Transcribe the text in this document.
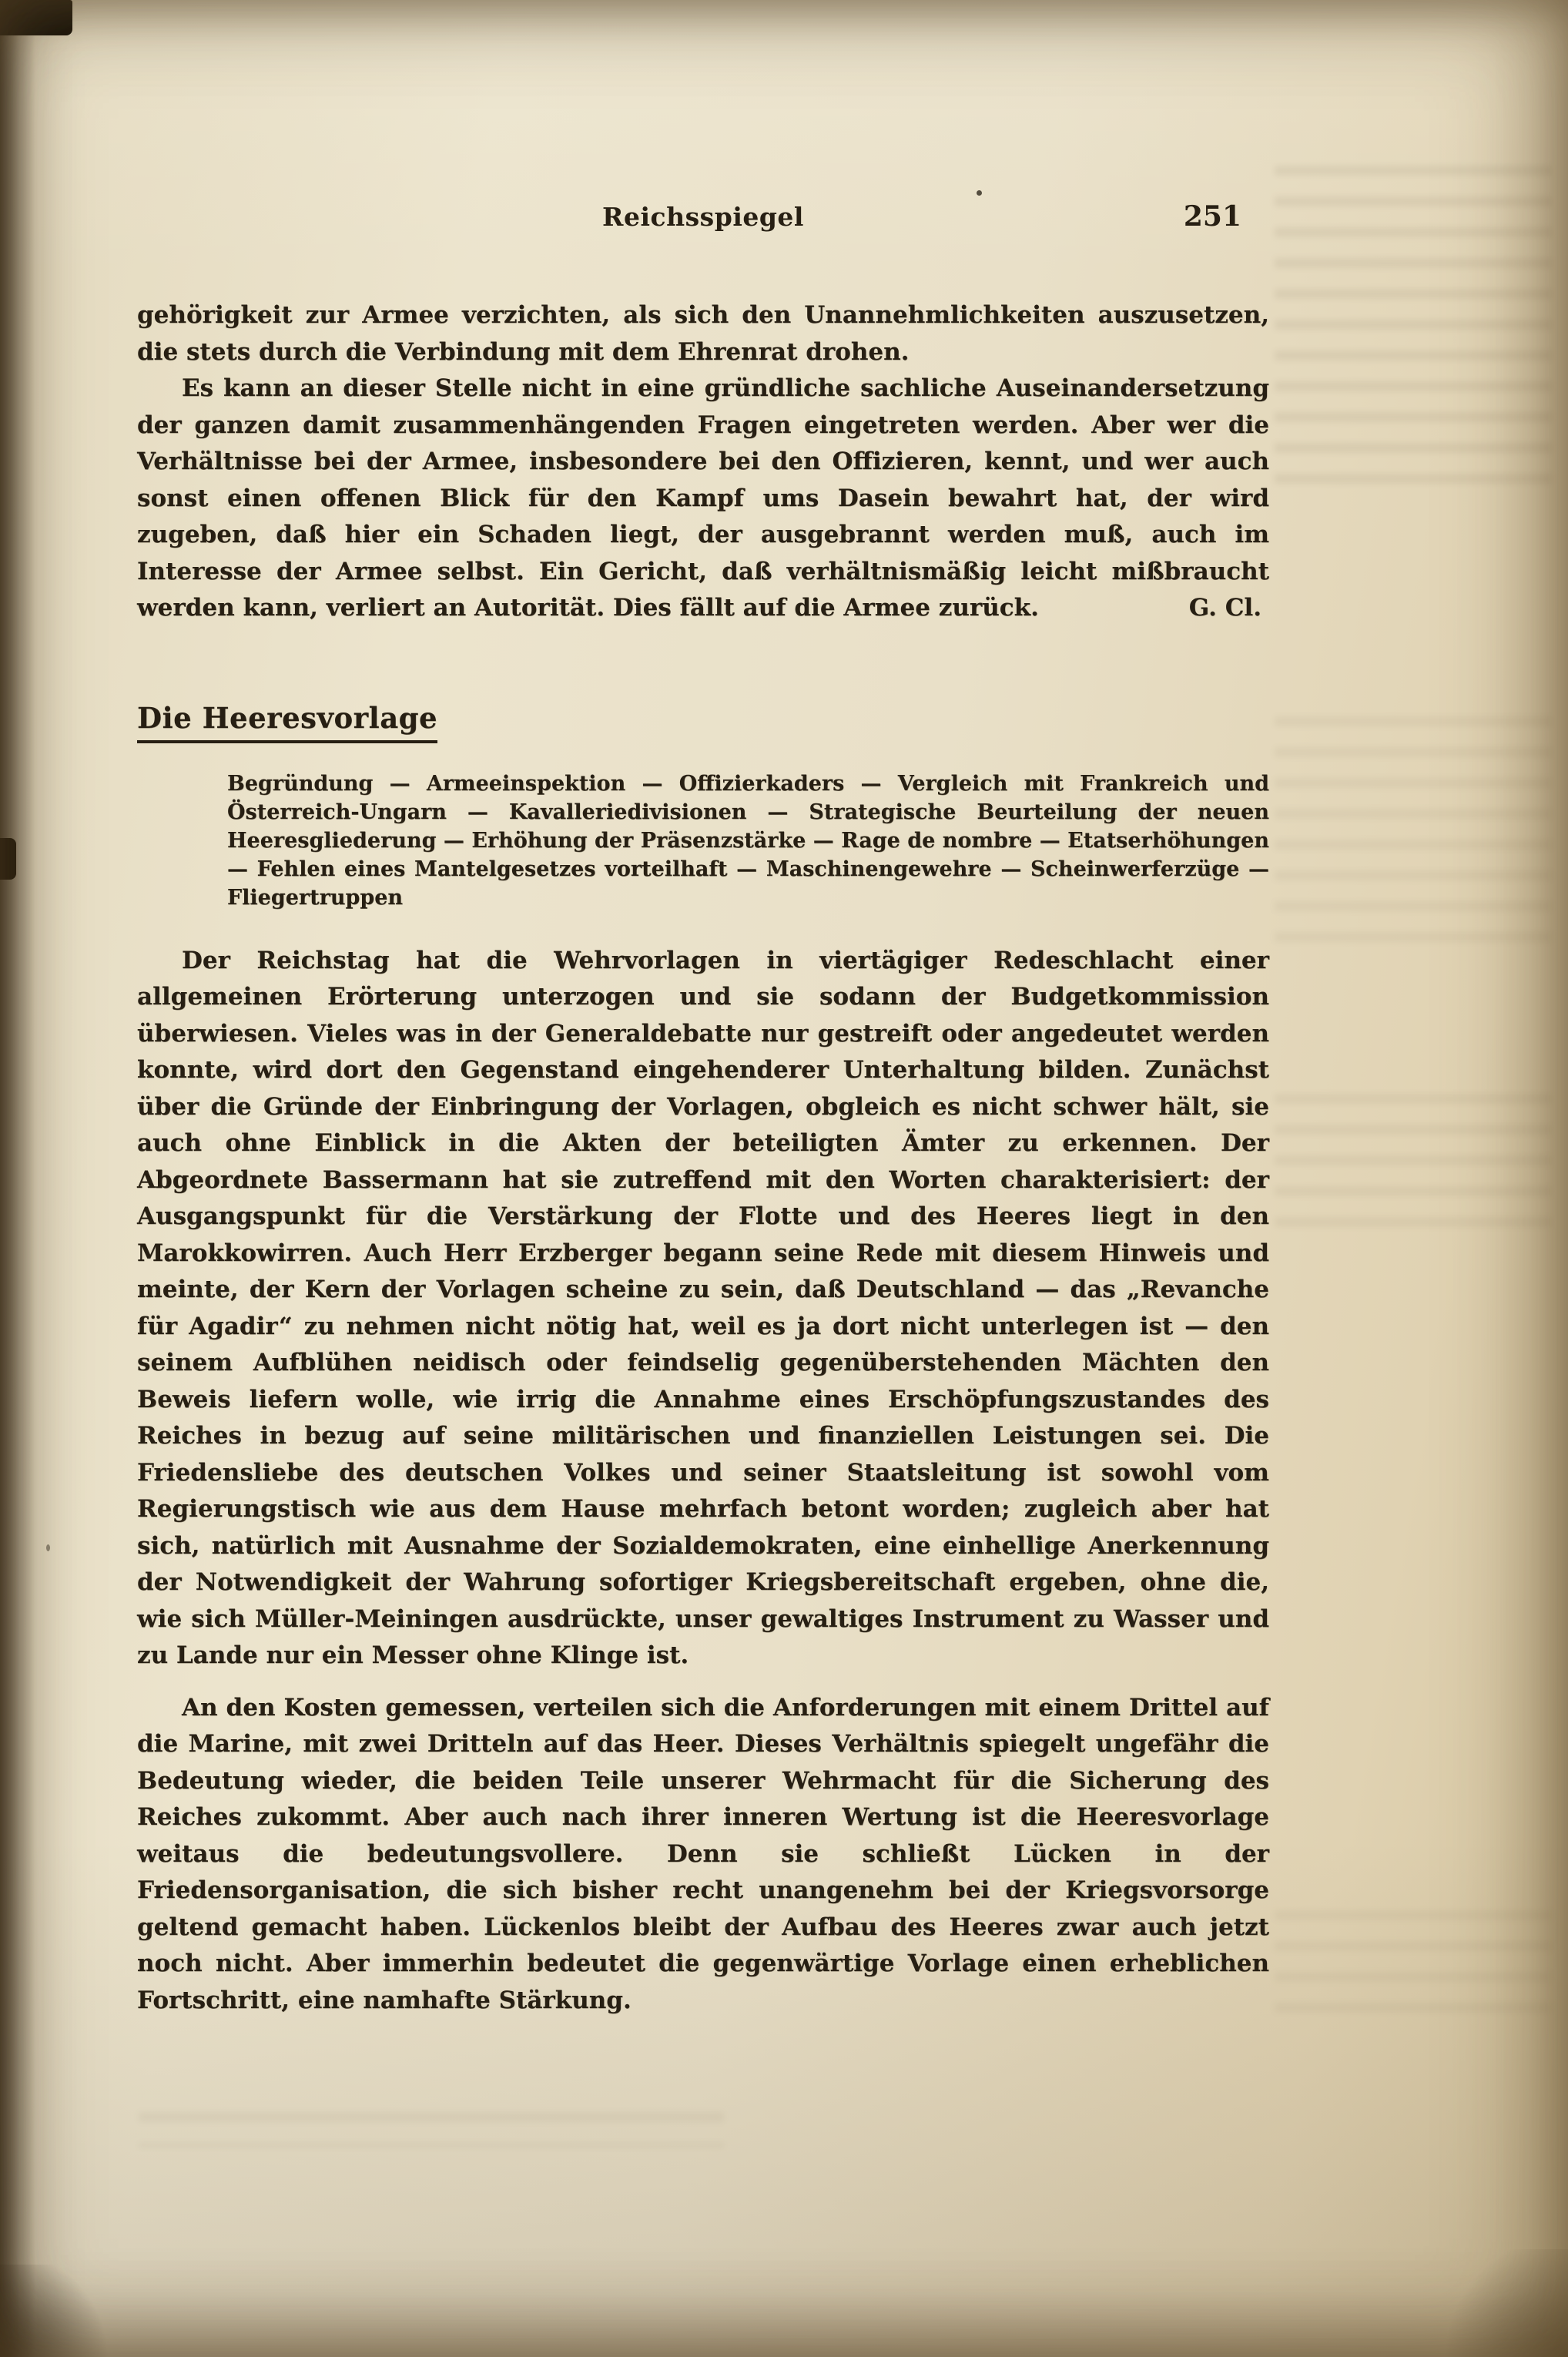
Reichsspiegel	251

gehörigkeit zur Armee verzichten, als sich den Unannehmlichkeiten auszusetzen, die stets durch die Verbindung mit dem Ehrenrat drohen.

Es kann an dieser Stelle nicht in eine gründliche sachliche Auseinandersetzung der ganzen damit zusammenhängenden Fragen eingetreten werden. Aber wer die Verhältnisse bei der Armee, insbesondere bei den Offizieren, kennt, und wer auch sonst einen offenen Blick für den Kampf ums Dasein bewahrt hat, der wird zugeben, daß hier ein Schaden liegt, der ausgebrannt werden muß, auch im Interesse der Armee selbst. Ein Gericht, daß verhältnismäßig leicht mißbraucht werden kann, verliert an Autorität. Dies fällt auf die Armee zurück.	G. Cl.
Die Heeresvorlage

Begründung — Armeeinspektion — Offizierkaders — Vergleich mit Frankreich und Österreich-Ungarn — Kavalleriedivisionen — Strategische Beurteilung der neuen Heeresgliederung — Erhöhung der Präsenzstärke — Rage de nombre — Etatserhöhungen — Fehlen eines Mantelgesetzes vorteilhaft — Maschinengewehre — Scheinwerferzüge — Fliegertruppen

Der Reichstag hat die Wehrvorlagen in viertägiger Redeschlacht einer allgemeinen Erörterung unterzogen und sie sodann der Budgetkommission überwiesen. Vieles was in der Generaldebatte nur gestreift oder angedeutet werden konnte, wird dort den Gegenstand eingehenderer Unterhaltung bilden. Zunächst über die Gründe der Einbringung der Vorlagen, obgleich es nicht schwer hält, sie auch ohne Einblick in die Akten der beteiligten Ämter zu erkennen. Der Abgeordnete Bassermann hat sie zutreffend mit den Worten charakterisiert: der Ausgangspunkt für die Verstärkung der Flotte und des Heeres liegt in den Marokkowirren. Auch Herr Erzberger begann seine Rede mit diesem Hinweis und meinte, der Kern der Vorlagen scheine zu sein, daß Deutschland — das „Revanche für Agadir“ zu nehmen nicht nötig hat, weil es ja dort nicht unterlegen ist — den seinem Aufblühen neidisch oder feindselig gegenüberstehenden Mächten den Beweis liefern wolle, wie irrig die Annahme eines Erschöpfungszustandes des Reiches in bezug auf seine militärischen und finanziellen Leistungen sei. Die Friedensliebe des deutschen Volkes und seiner Staatsleitung ist sowohl vom Regierungstisch wie aus dem Hause mehrfach betont worden; zugleich aber hat sich, natürlich mit Ausnahme der Sozialdemokraten, eine einhellige Anerkennung der Notwendigkeit der Wahrung sofortiger Kriegsbereitschaft ergeben, ohne die, wie sich Müller-Meiningen ausdrückte, unser gewaltiges Instrument zu Wasser und zu Lande nur ein Messer ohne Klinge ist.

An den Kosten gemessen, verteilen sich die Anforderungen mit einem Drittel auf die Marine, mit zwei Dritteln auf das Heer. Dieses Verhältnis spiegelt ungefähr die Bedeutung wieder, die beiden Teile unserer Wehrmacht für die Sicherung des Reiches zukommt. Aber auch nach ihrer inneren Wertung ist die Heeresvorlage weitaus die bedeutungsvollere. Denn sie schließt Lücken in der Friedensorganisation, die sich bisher recht unangenehm bei der Kriegsvorsorge geltend gemacht haben. Lückenlos bleibt der Aufbau des Heeres zwar auch jetzt noch nicht. Aber immerhin bedeutet die gegenwärtige Vorlage einen erheblichen Fortschritt, eine namhafte Stärkung.
